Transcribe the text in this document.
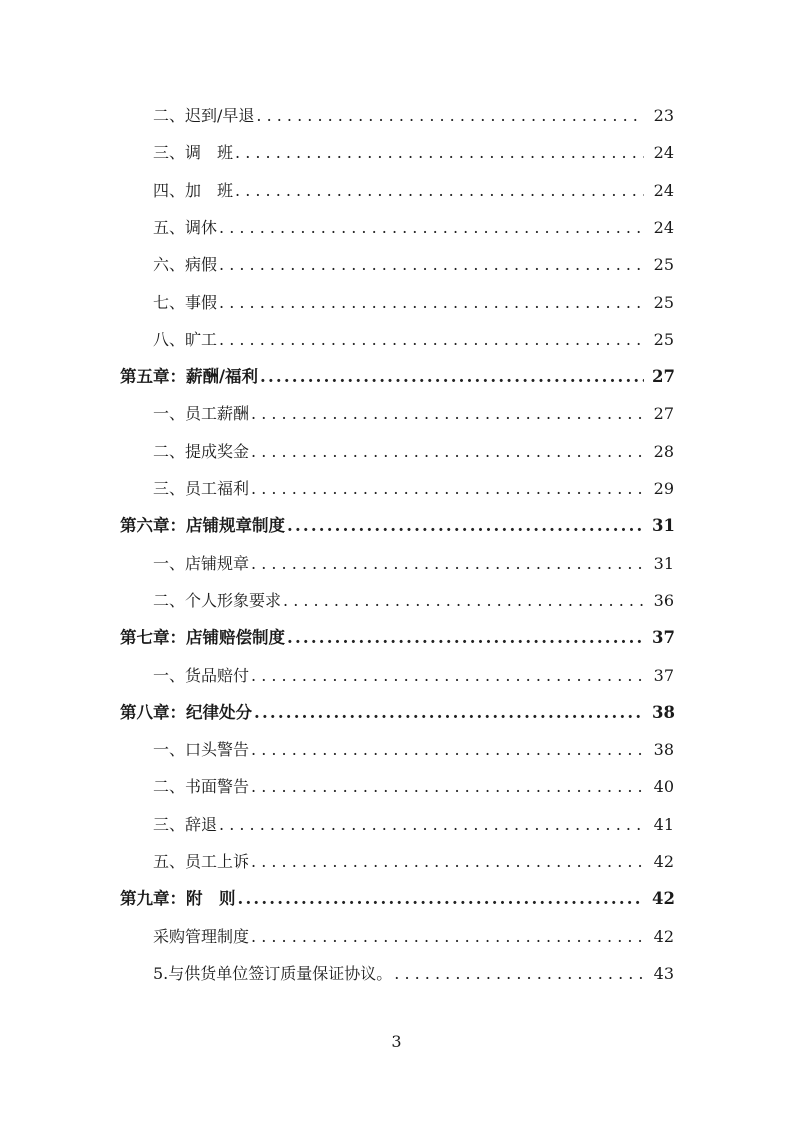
二、迟到/早退 . . .	23
三、调　班 . . .	24
四、加　班 . . .	24
五、调休 . . .	24
六、病假 . . .	25
七、事假 . . .	25
八、旷工 . . .	25
第五章：薪酬/福利 .....	27
一、员工薪酬 . . .	27
二、提成奖金 . . .	28
三、员工福利 . . .	29
第六章：店铺规章制度 .....	31
一、店铺规章 . . .	31
二、个人形象要求 . . .	36
第七章：店铺赔偿制度 .....	37
一、货品赔付 . . .	37
第八章：纪律处分 .....	38
一、口头警告 . . .	38
二、书面警告 . . .	40
三、辞退 . . .	41
五、员工上诉 . . .	42
第九章：附　则 .....	42
采购管理制度 . . .	42
5.与供货单位签订质量保证协议。 . . .	43
3
